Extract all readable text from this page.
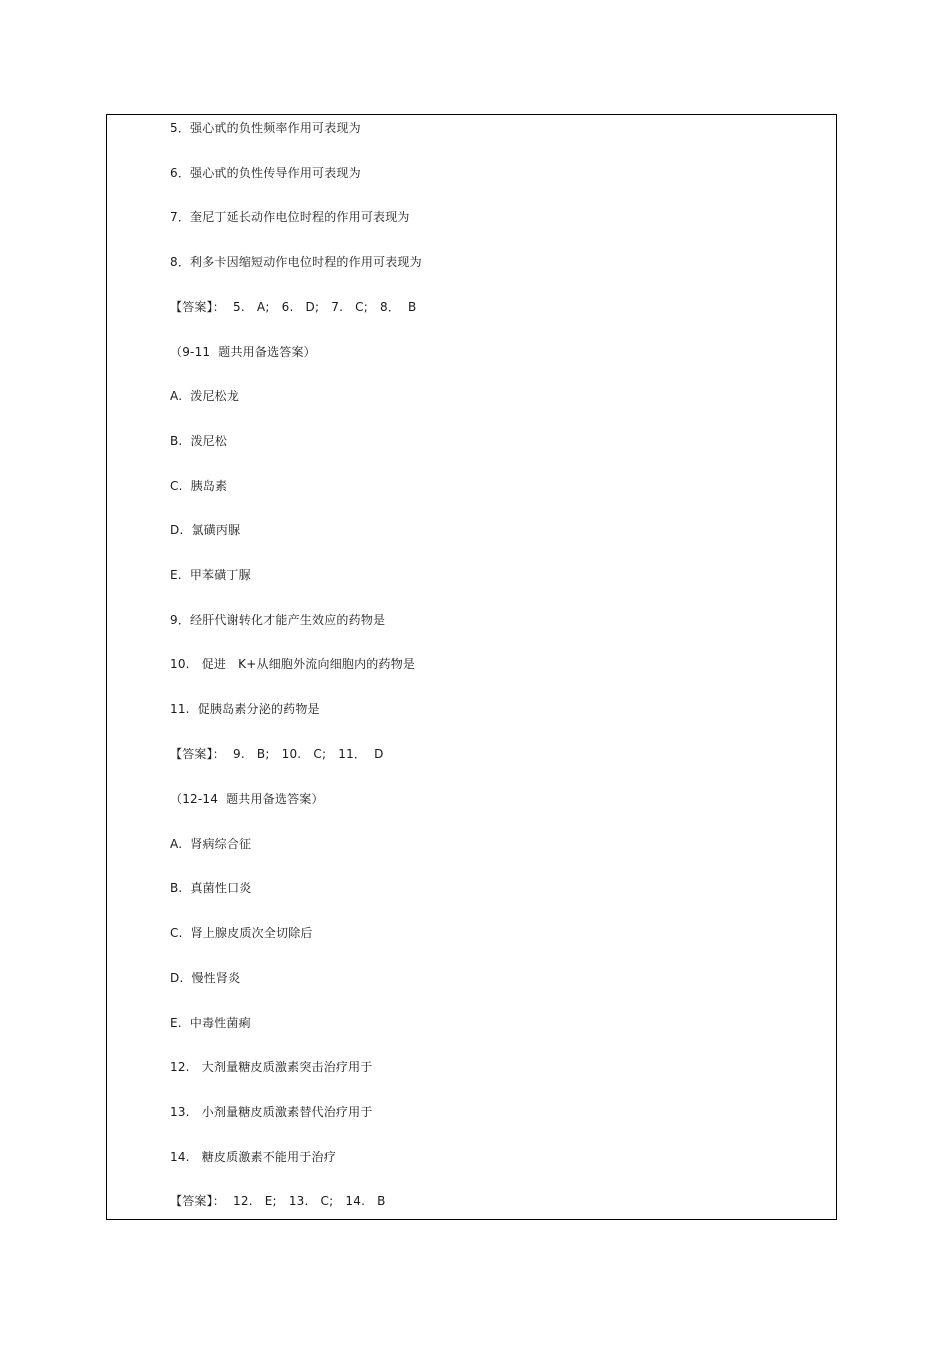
5．强心甙的负性频率作用可表现为
6．强心甙的负性传导作用可表现为
7．奎尼丁延长动作电位时程的作用可表现为
8．利多卡因缩短动作电位时程的作用可表现为
【答案】：  5.   A;   6.   D;   7.   C;   8．  B
（9-11  题共用备选答案）
A.  泼尼松龙
B.  泼尼松
C.  胰岛素
D.  氯磺丙脲
E.  甲苯磺丁脲
9．经肝代谢转化才能产生效应的药物是
10.   促进   K+从细胞外流向细胞内的药物是
11.  促胰岛素分泌的药物是
【答案】：  9.   B;   10.   C;   11．  D
（12-14  题共用备选答案）
A.  肾病综合征
B.  真菌性口炎
C.  肾上腺皮质次全切除后
D.  慢性肾炎
E.  中毒性菌痢
12.   大剂量糖皮质激素突击治疗用于
13.   小剂量糖皮质激素替代治疗用于
14.   糖皮质激素不能用于治疗
【答案】：  12.   E;   13.   C;   14.   B
